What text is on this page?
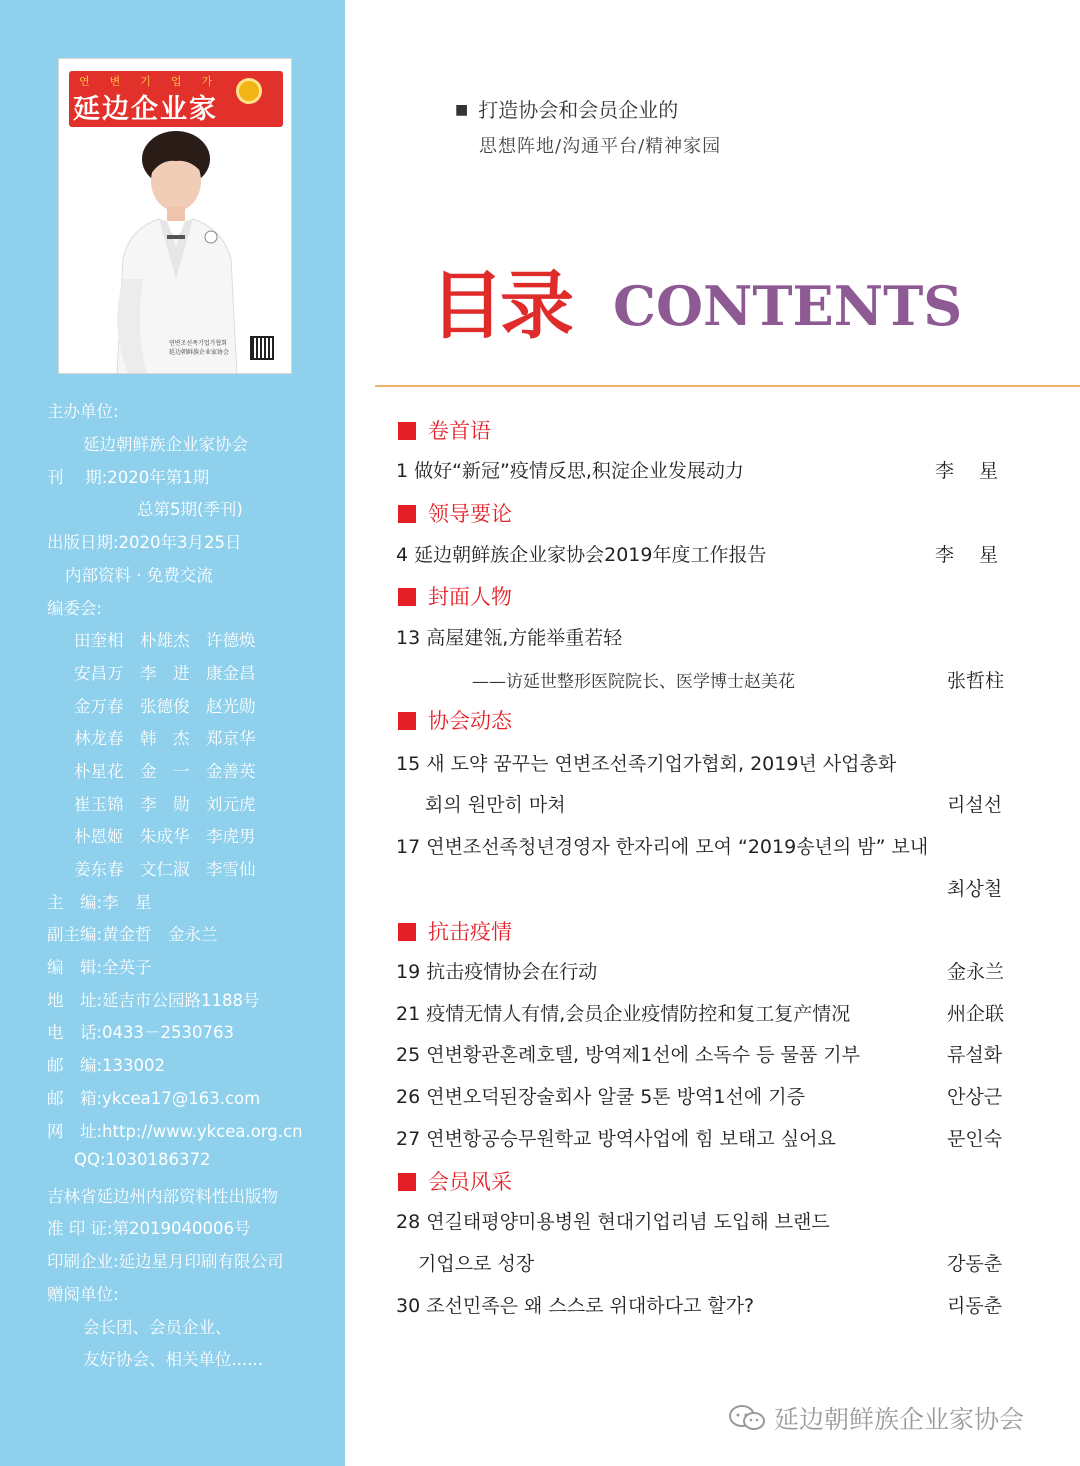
연변기업가
延边企业家
연변조선족기업가협회
延边朝鲜族企业家协会
主办单位:
延边朝鲜族企业家协会
刊　 期:2020年第1期
总第5期(季刊)
出版日期:2020年3月25日
内部资料 · 免费交流
编委会:
田奎相　朴雄杰　许德焕
安昌万　李　进　康金昌
金万春　张德俊　赵光勋
林龙春　韩　杰　郑京华
朴星花　金　一　金善英
崔玉锦　李　勋　刘元虎
朴恩姬　朱成华　李虎男
姜东春　文仁淑　李雪仙
主　编:李　星
副主编:黄金哲　金永兰
编　辑:全英子
地　址:延吉市公园路1188号
电　话:0433－2530763
邮　编:133002
邮　箱:ykcea17@163.com
网　址:http://www.ykcea.org.cn
QQ:1030186372
吉林省延边州内部资料性出版物
准 印 证:第2019040006号
印刷企业:延边星月印刷有限公司
赠阅单位:
会长团、会员企业、
友好协会、相关单位......
■ 打造协会和会员企业的
思想阵地/沟通平台/精神家园
目录 CONTENTS
卷首语
领导要论
封面人物
协会动态
抗击疫情
会员风采
1 做好“新冠”疫情反思,积淀企业发展动力
4 延边朝鲜族企业家协会2019年度工作报告
13 高屋建瓴,方能举重若轻
——访延世整形医院院长、医学博士赵美花
15 새 도약 꿈꾸는 연변조선족기업가협회, 2019년 사업총화
회의 원만히 마쳐
17 연변조선족청년경영자 한자리에 모여 “2019송년의 밤” 보내
19 抗击疫情协会在行动
21 疫情无情人有情,会员企业疫情防控和复工复产情况
25 연변황관혼례호텔, 방역제1선에 소독수 등 물품 기부
26 연변오덕된장술회사 알쿨 5톤 방역1선에 기증
27 연변항공승무원학교 방역사업에 힘 보태고 싶어요
28 연길태평양미용병원 현대기업리념 도입해 브랜드
기업으로 성장
30 조선민족은 왜 스스로 위대하다고 할가?
李　 星
李　 星
张哲柱
리설선
최상철
金永兰
州企联
류설화
안상근
문인숙
강동춘
리동춘
延边朝鲜族企业家协会
